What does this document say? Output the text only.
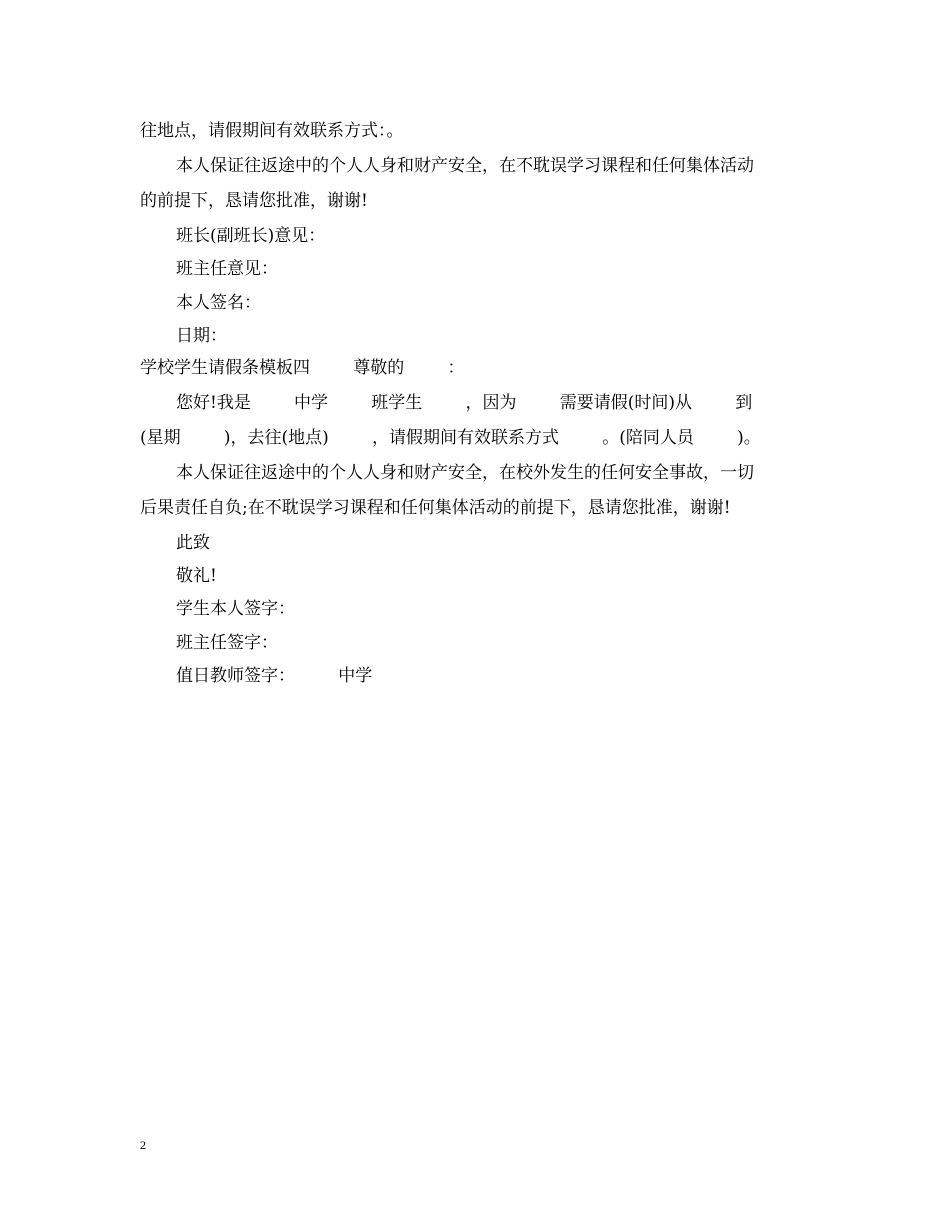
往地点，请假期间有效联系方式：。
本人保证往返途中的个人人身和财产安全，在不耽误学习课程和任何集体活动
的前提下，恳请您批准，谢谢!
班长(副班长)意见：
班主任意见：
本人签名：
日期：
学校学生请假条模板四        尊敬的        ：
您好!我是        中学        班学生        ，因为        需要请假(时间)从        到
(星期        )，去往(地点)        ，请假期间有效联系方式        。(陪同人员        )。
本人保证往返途中的个人人身和财产安全，在校外发生的任何安全事故，一切
后果责任自负;在不耽误学习课程和任何集体活动的前提下，恳请您批准，谢谢!
此致
敬礼!
学生本人签字：
班主任签字：
值日教师签字：        中学
2
